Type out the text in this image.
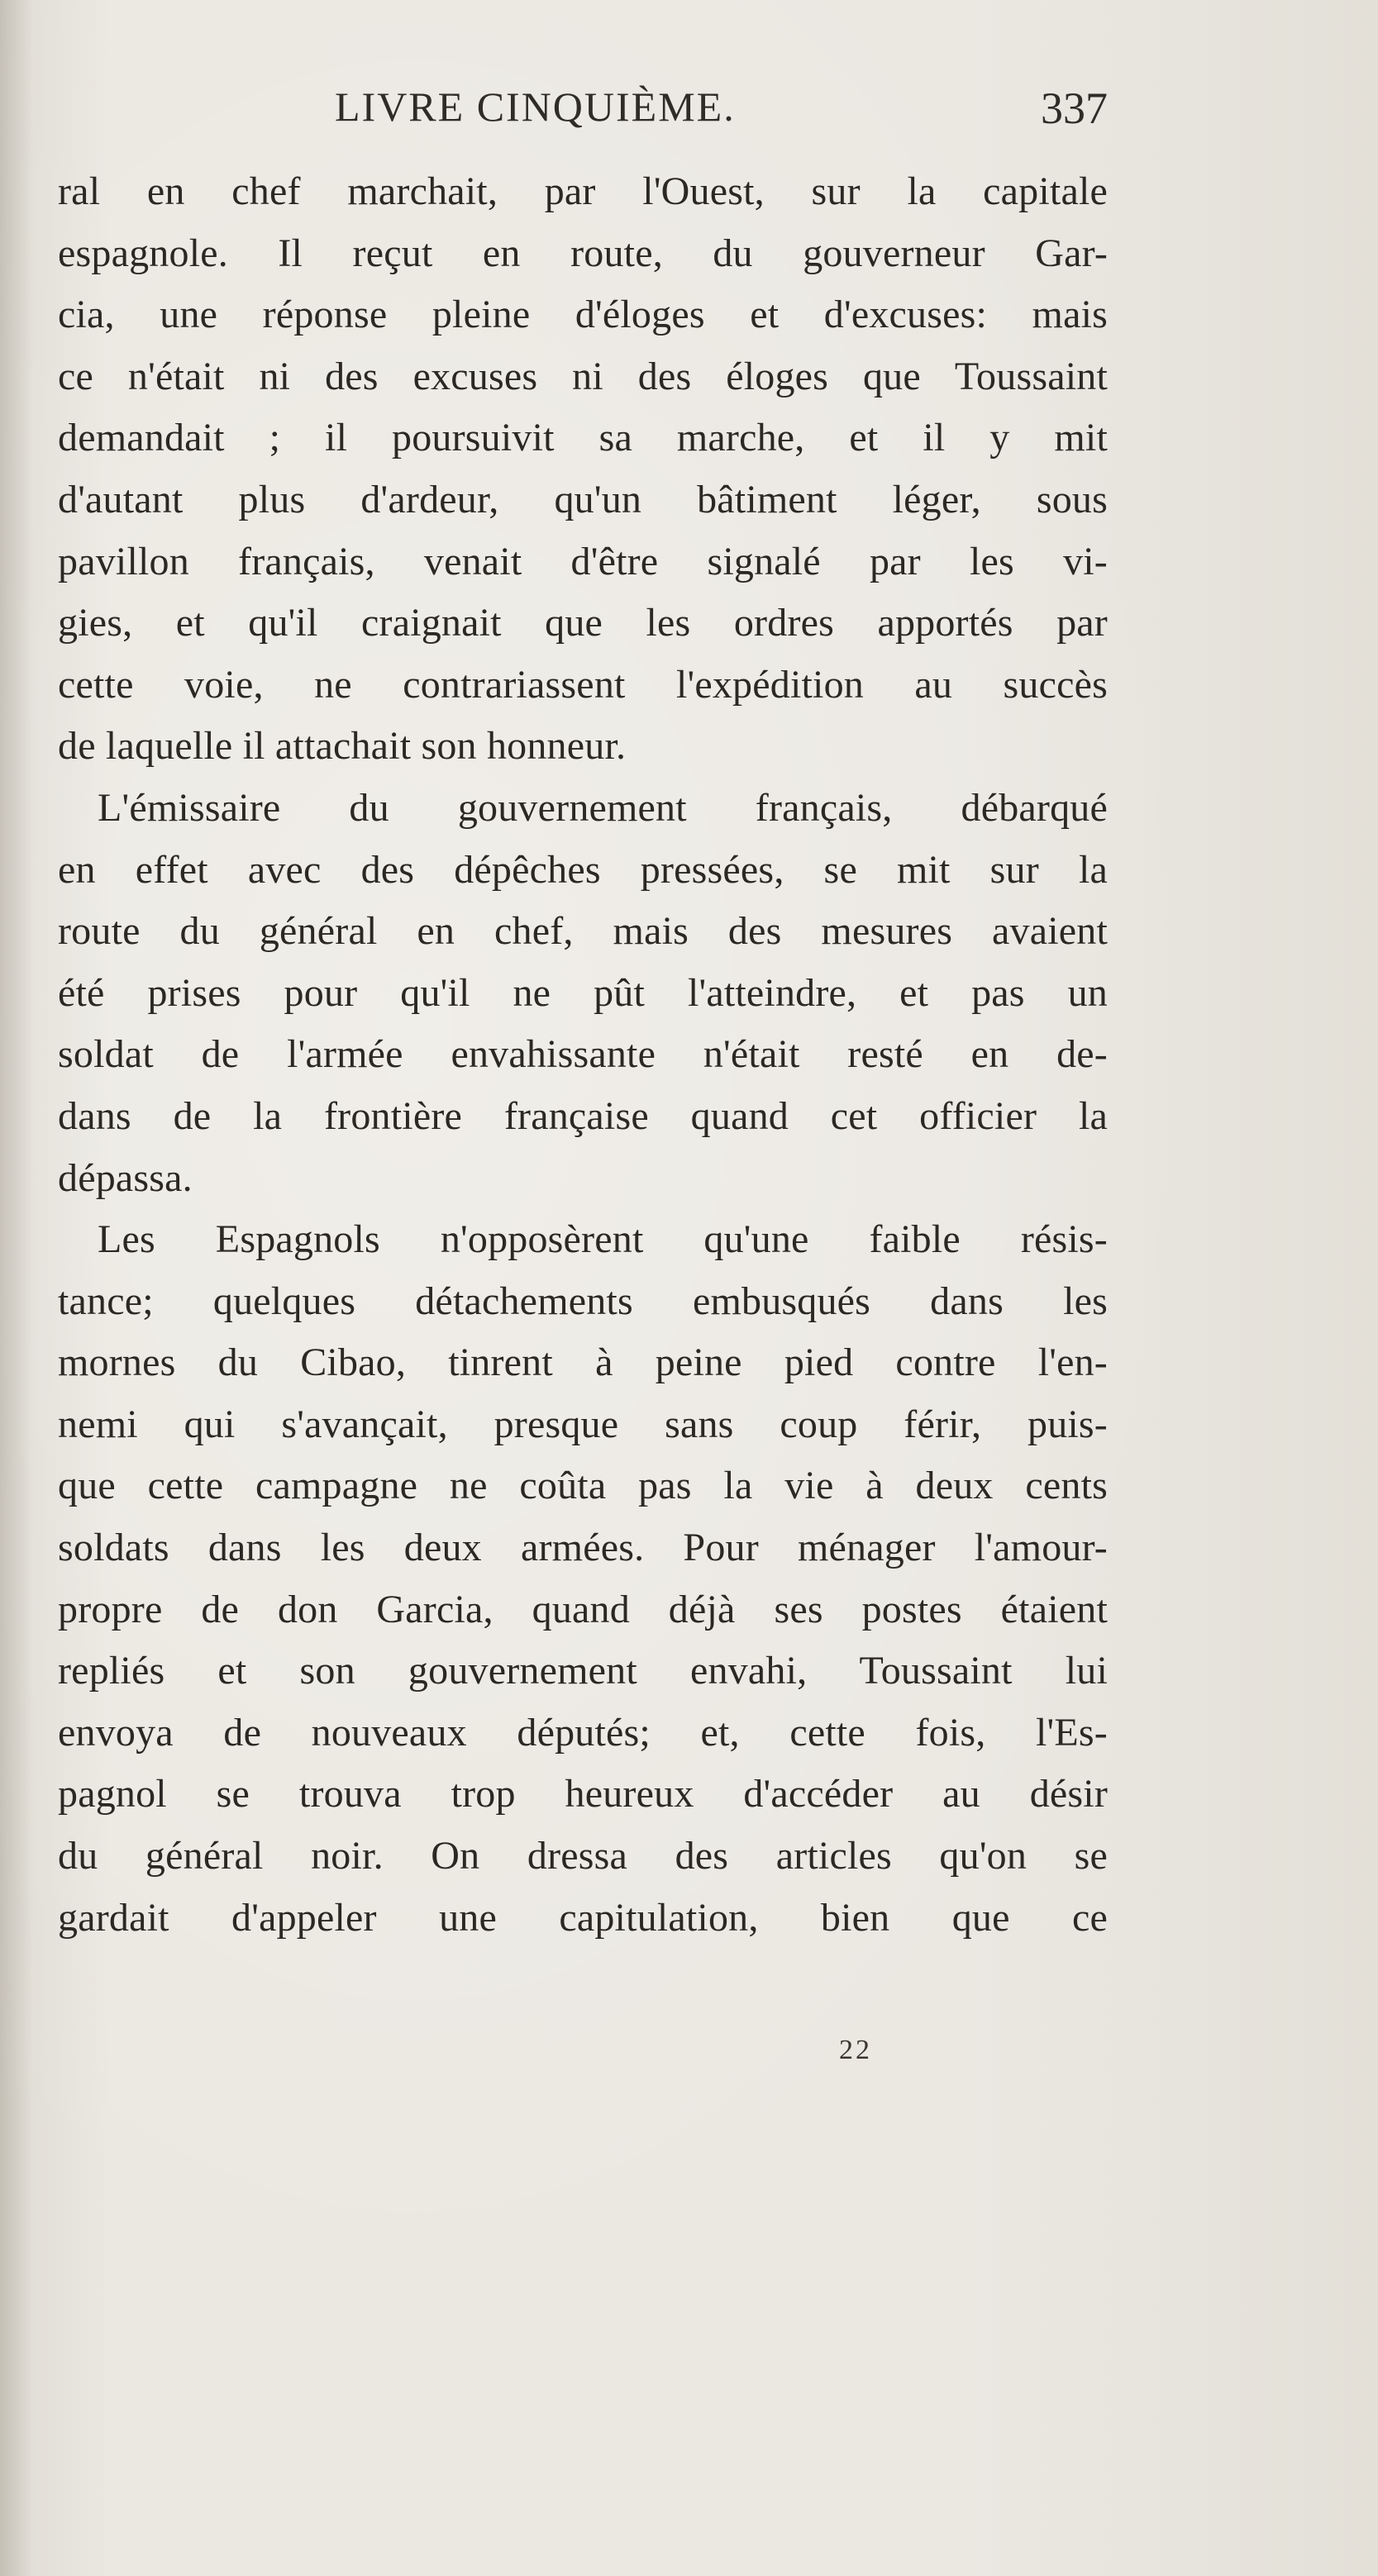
LIVRE CINQUIÈME.	337
ral en chef marchait, par l'Ouest, sur la capitale
espagnole. Il reçut en route, du gouverneur Gar-
cia, une réponse pleine d'éloges et d'excuses: mais
ce n'était ni des excuses ni des éloges que Toussaint
demandait ; il poursuivit sa marche, et il y mit
d'autant plus d'ardeur, qu'un bâtiment léger, sous
pavillon français, venait d'être signalé par les vi-
gies, et qu'il craignait que les ordres apportés par
cette voie, ne contrariassent l'expédition au succès
de laquelle il attachait son honneur.
L'émissaire du gouvernement français, débarqué
en effet avec des dépêches pressées, se mit sur la
route du général en chef, mais des mesures avaient
été prises pour qu'il ne pût l'atteindre, et pas un
soldat de l'armée envahissante n'était resté en de-
dans de la frontière française quand cet officier la
dépassa.
Les Espagnols n'opposèrent qu'une faible résis-
tance; quelques détachements embusqués dans les
mornes du Cibao, tinrent à peine pied contre l'en-
nemi qui s'avançait, presque sans coup férir, puis-
que cette campagne ne coûta pas la vie à deux cents
soldats dans les deux armées. Pour ménager l'amour-
propre de don Garcia, quand déjà ses postes étaient
repliés et son gouvernement envahi, Toussaint lui
envoya de nouveaux députés; et, cette fois, l'Es-
pagnol se trouva trop heureux d'accéder au désir
du général noir. On dressa des articles qu'on se
gardait d'appeler une capitulation, bien que ce
22
